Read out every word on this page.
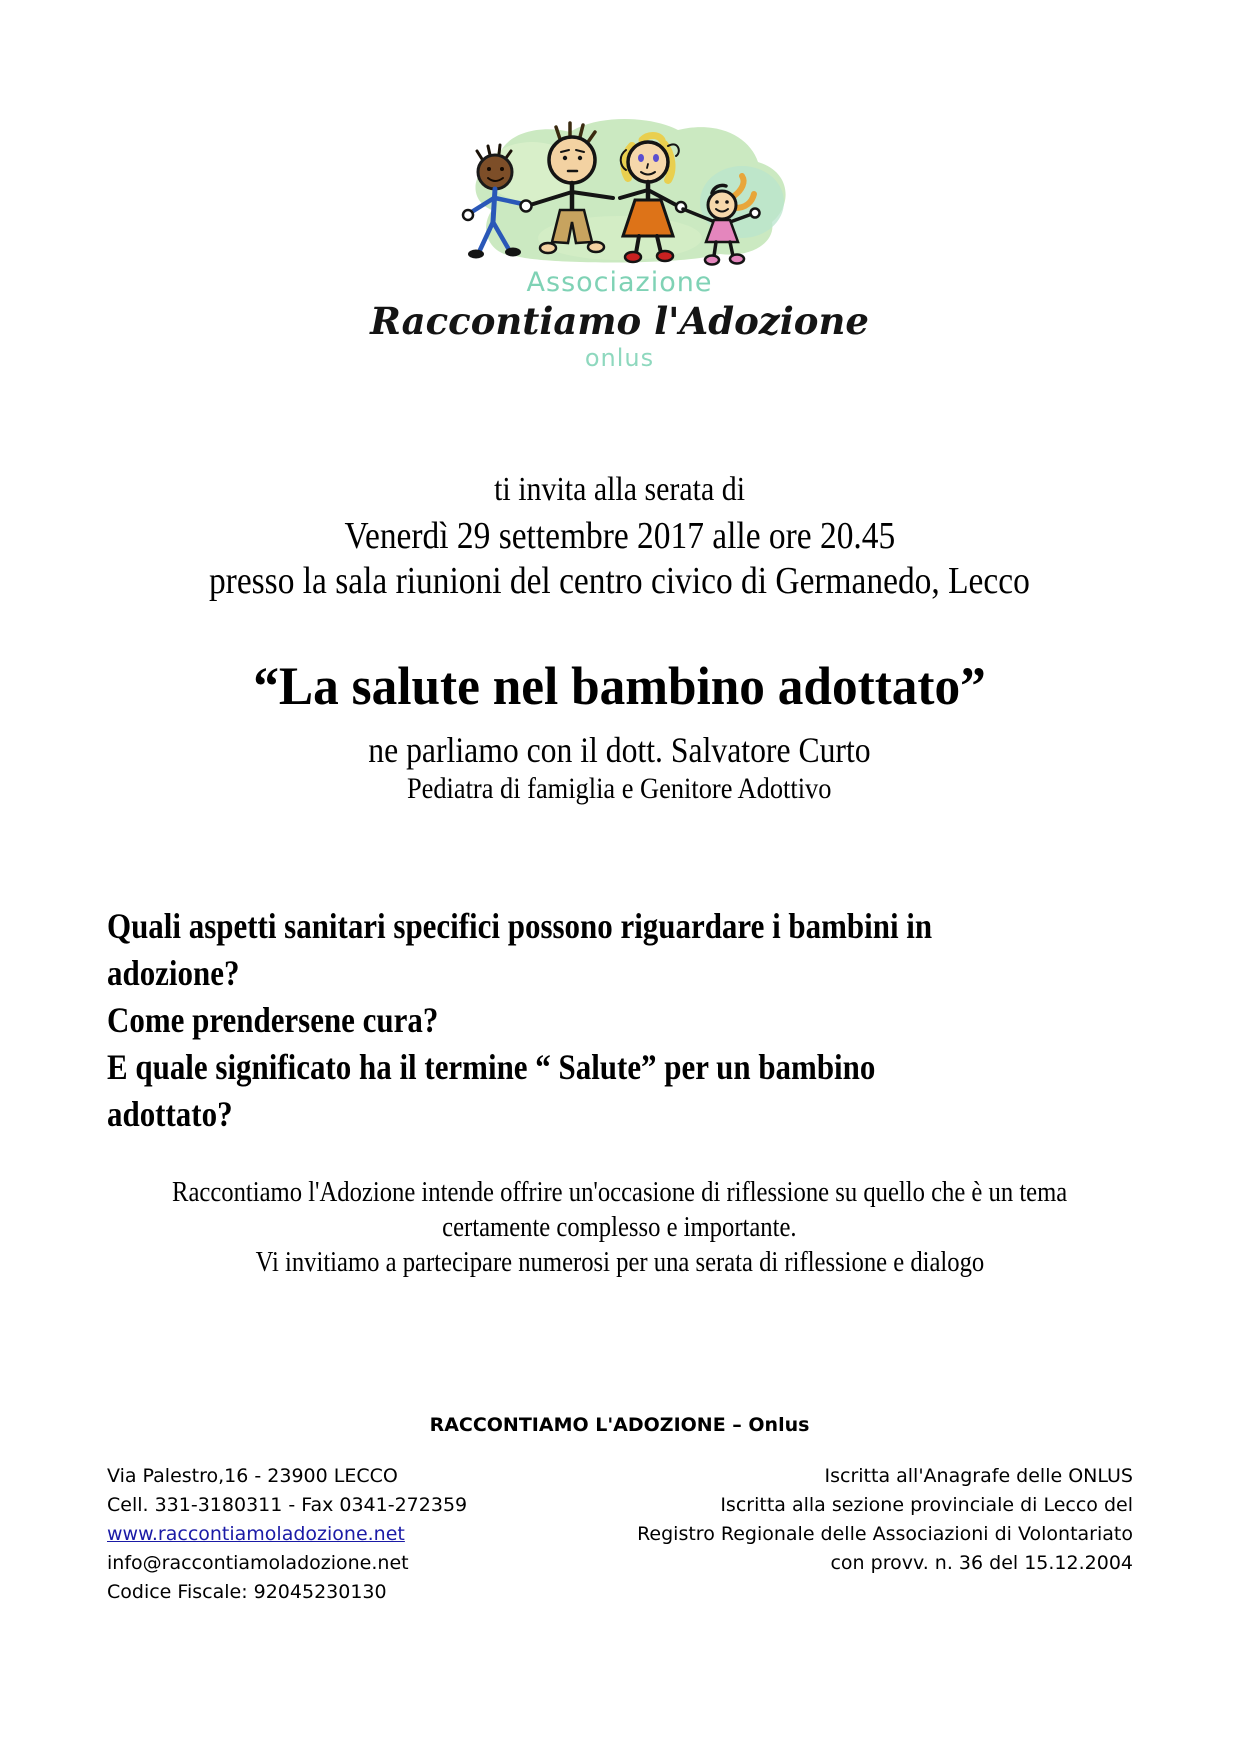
Associazione
Raccontiamo l'Adozione
onlus
ti invita alla serata di
Venerdì 29 settembre 2017 alle ore 20.45
presso la sala riunioni del centro civico di Germanedo, Lecco
“La salute nel bambino adottato”
ne parliamo con il dott. Salvatore Curto
Pediatra di famiglia e Genitore Adottivo
Quali aspetti sanitari specifici possono riguardare i bambini in
adozione?
Come prendersene cura?
E quale significato ha il termine “ Salute” per un bambino
adottato?
Raccontiamo l'Adozione intende offrire un'occasione di riflessione su quello che è un tema
certamente complesso e importante.
Vi invitiamo a partecipare numerosi per una serata di riflessione e dialogo
RACCONTIAMO L'ADOZIONE – Onlus
Via Palestro,16 - 23900 LECCO
Cell. 331-3180311 - Fax 0341-272359
www.raccontiamoladozione.net
info@raccontiamoladozione.net
Codice Fiscale: 92045230130
Iscritta all'Anagrafe delle ONLUS
Iscritta alla sezione provinciale di Lecco del
Registro Regionale delle Associazioni di Volontariato
con provv. n. 36 del 15.12.2004
